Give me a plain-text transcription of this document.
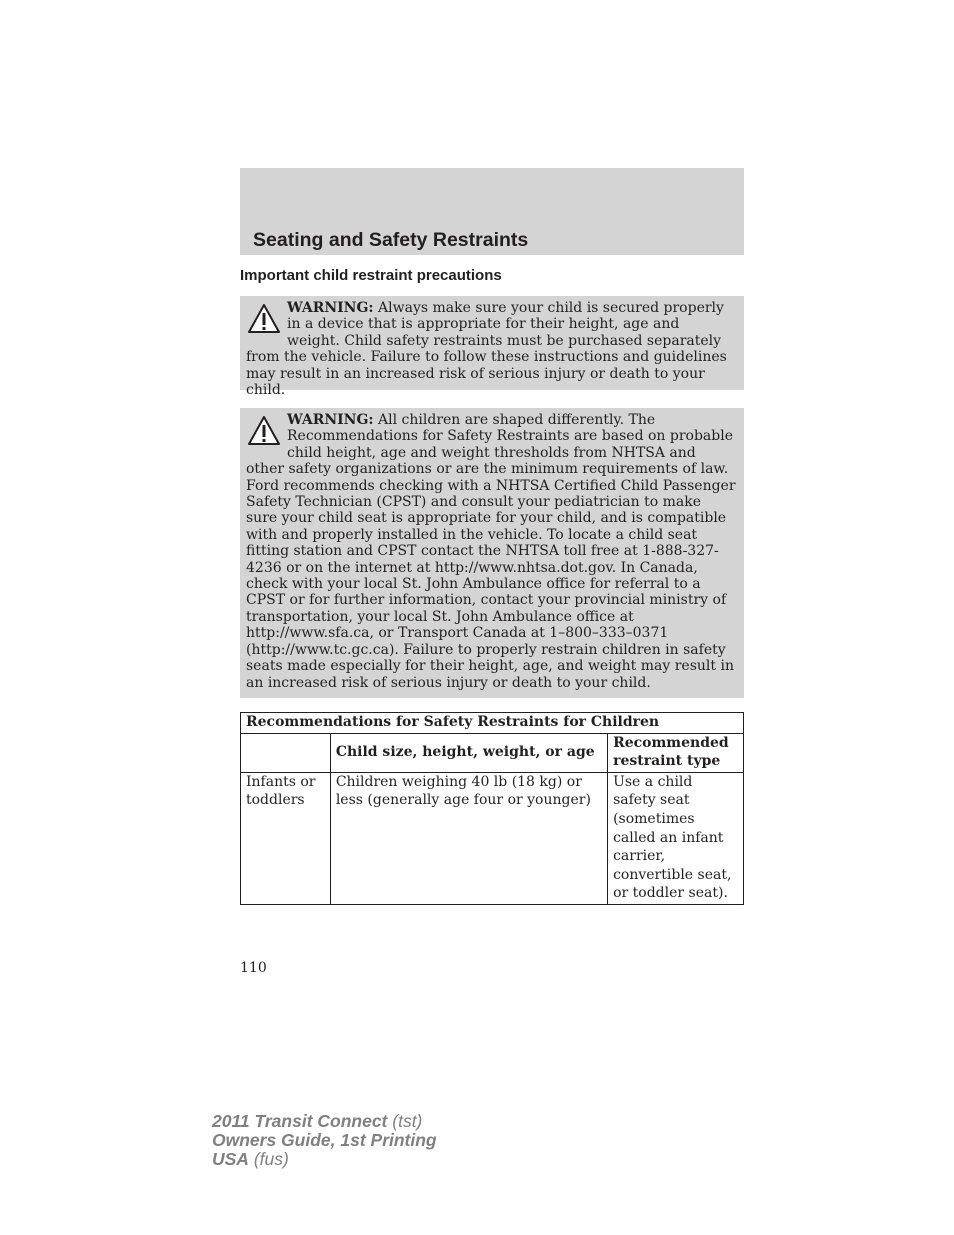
Seating and Safety Restraints
Important child restraint precautions

WARNING: Always make sure your child is secured properly in a device that is appropriate for their height, age and weight. Child safety restraints must be purchased separately from the vehicle. Failure to follow these instructions and guidelines may result in an increased risk of serious injury or death to your child.

WARNING: All children are shaped differently. The Recommendations for Safety Restraints are based on probable child height, age and weight thresholds from NHTSA and other safety organizations or are the minimum requirements of law. Ford recommends checking with a NHTSA Certified Child Passenger Safety Technician (CPST) and consult your pediatrician to make sure your child seat is appropriate for your child, and is compatible with and properly installed in the vehicle. To locate a child seat fitting station and CPST contact the NHTSA toll free at 1-888-327-4236 or on the internet at http://www.nhtsa.dot.gov. In Canada, check with your local St. John Ambulance office for referral to a CPST or for further information, contact your provincial ministry of transportation, your local St. John Ambulance office at http://www.sfa.ca, or Transport Canada at 1–800–333–0371 (http://www.tc.gc.ca). Failure to properly restrain children in safety seats made especially for their height, age, and weight may result in an increased risk of serious injury or death to your child.

Recommendations for Safety Restraints for Children		
	Child size, height, weight, or age	Recommended restraint type
Infants or toddlers	Children weighing 40 lb (18 kg) or less (generally age four or younger)	Use a child safety seat (sometimes called an infant carrier, convertible seat, or toddler seat).
110
2011 Transit Connect (tst)
Owners Guide, 1st Printing
USA (fus)
